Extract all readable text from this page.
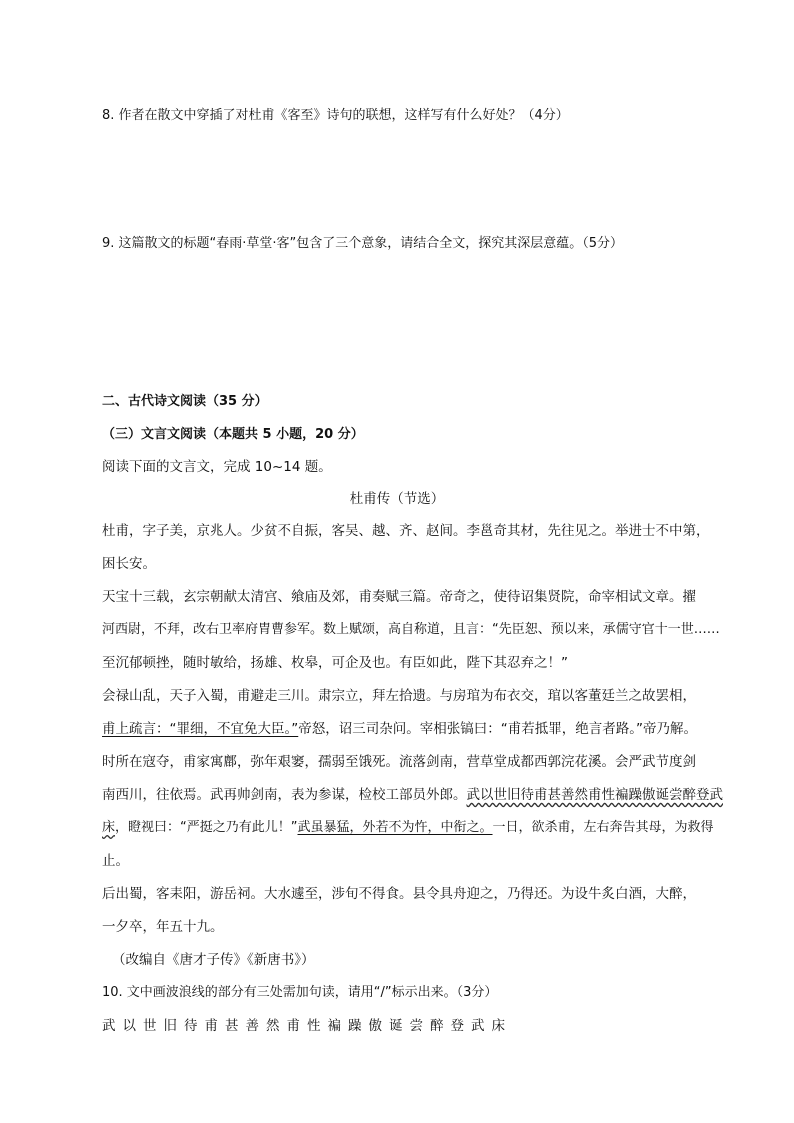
8. 作者在散文中穿插了对杜甫《客至》诗句的联想，这样写有什么好处？（4分）
9. 这篇散文的标题“春雨·草堂·客”包含了三个意象，请结合全文，探究其深层意蕴。（5分）
二、古代诗文阅读（35 分）
（三）文言文阅读（本题共 5 小题，20 分）
阅读下面的文言文，完成 10~14 题。
杜甫传（节选）
杜甫，字子美，京兆人。少贫不自振，客吴、越、齐、赵间。李邕奇其材，先往见之。举进士不中第，
困长安。
天宝十三载，玄宗朝献太清宫、飨庙及郊，甫奏赋三篇。帝奇之，使待诏集贤院，命宰相试文章。擢
河西尉，不拜，改右卫率府胄曹参军。数上赋颂，高自称道，且言：“先臣恕、预以来，承儒守官十一世……
至沉郁顿挫，随时敏给，扬雄、枚皋，可企及也。有臣如此，陛下其忍弃之！”
会禄山乱，天子入蜀，甫避走三川。肃宗立，拜左拾遗。与房琯为布衣交，琯以客董廷兰之故罢相，
甫上疏言：“罪细，不宜免大臣。”帝怒，诏三司杂问。宰相张镐曰：“甫若抵罪，绝言者路。”帝乃解。
时所在寇夺，甫家寓鄜，弥年艰窭，孺弱至饿死。流落剑南，营草堂成都西郭浣花溪。会严武节度剑
南西川，往依焉。武再帅剑南，表为参谋，检校工部员外郎。武以世旧待甫甚善然甫性褊躁傲诞尝醉登武
床，瞪视曰：“严挺之乃有此儿！”武虽暴猛，外若不为忤，中衔之。一日，欲杀甫，左右奔告其母，为救得
止。
后出蜀，客耒阳，游岳祠。大水遽至，涉旬不得食。县令具舟迎之，乃得还。为设牛炙白酒，大醉，
一夕卒，年五十九。
（改编自《唐才子传》《新唐书》）
10. 文中画波浪线的部分有三处需加句读，请用“/”标示出来。（3分）
武以世旧待甫甚善然甫性褊躁傲诞尝醉登武床
